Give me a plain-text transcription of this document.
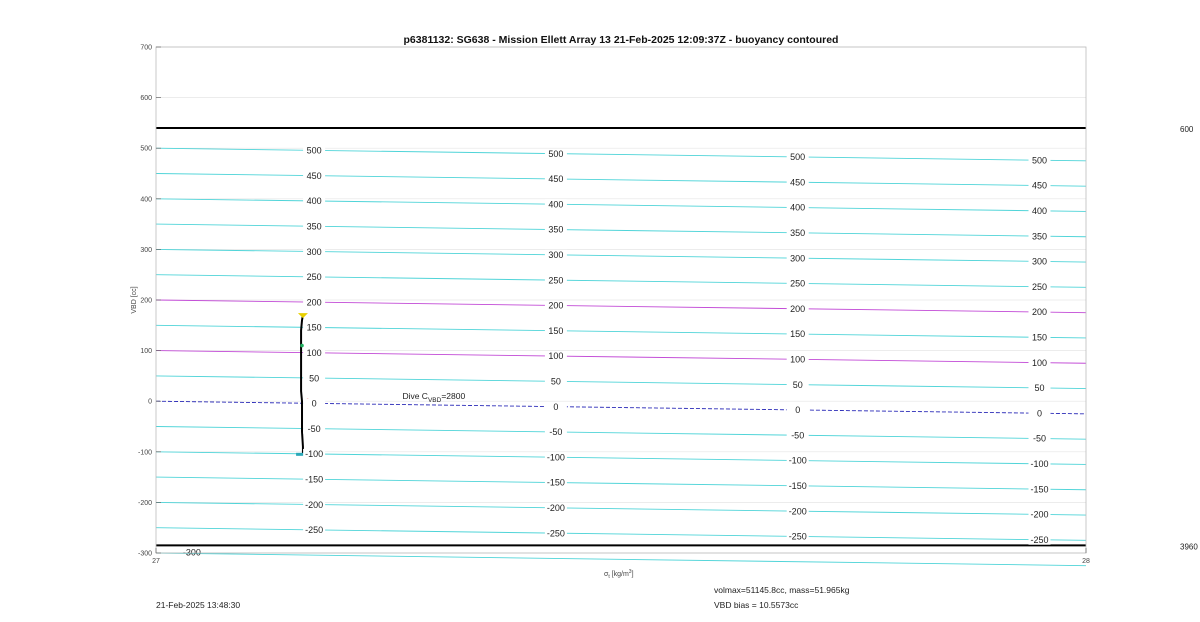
p6381132: SG638 - Mission Ellett Array 13 21-Feb-2025 12:09:37Z - buoyancy contoured
600
3960
-250	-250	-250	-250
-200	-200	-200	-200
-150	-150	-150	-150
-100	-100	-100	-100
-50	-50	-50	-50
0	0	0	0
50	50	50	50
100	100	100	100
150	150	150	150
200	200	200	200
250	250	250	250
300	300	300	300
350	350	350	350
400	400	400	400
450	450	450	450
500	500	500	500
-300
-300
-200
-100
0
100
200
300
400
500
600
700
27	28
VBD [cc]
$\sigma_t$ $[kg/m^3]$
Dive $C_{VBD}=2800$
21-Feb-2025 13:48:30
volmax=51145.8cc, mass=51.965kg
VBD bias = 10.5573cc
